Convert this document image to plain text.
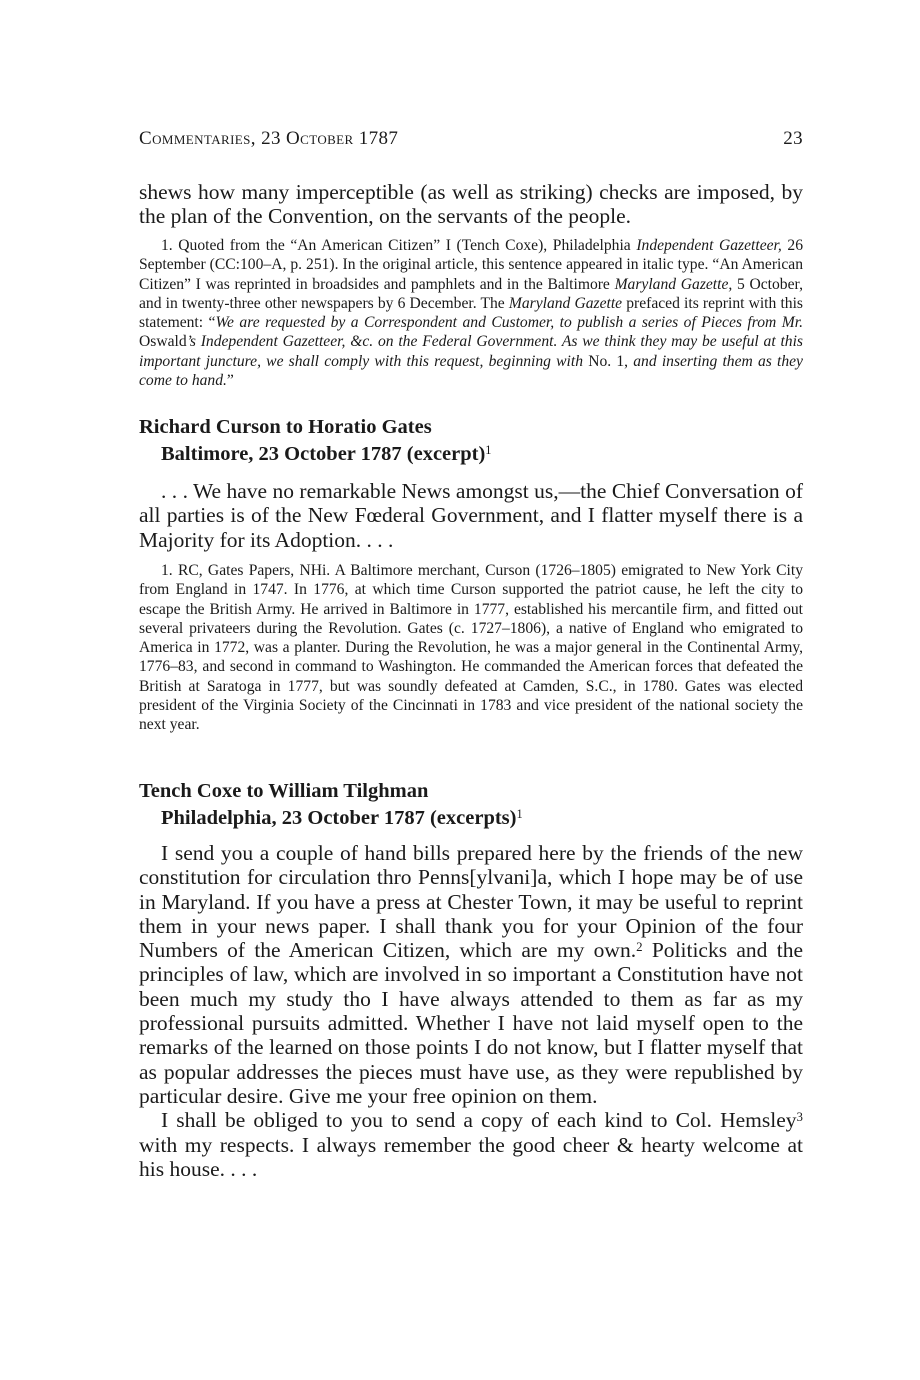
Commentaries, 23 October 1787	23

shews how many imperceptible (as well as striking) checks are imposed, by the plan of the Convention, on the servants of the people.

1. Quoted from the “An American Citizen” I (Tench Coxe), Philadelphia Independent Gazetteer, 26 September (CC:100–A, p. 251). In the original article, this sentence appeared in italic type. “An American Citizen” I was reprinted in broadsides and pamphlets and in the Baltimore Maryland Gazette, 5 October, and in twenty-three other newspapers by 6 December. The Maryland Gazette prefaced its reprint with this statement: “We are requested by a Correspondent and Customer, to publish a series of Pieces from Mr. Oswald’s Independent Gazetteer, &c. on the Federal Government. As we think they may be useful at this important juncture, we shall comply with this request, beginning with No. 1, and inserting them as they come to hand.”

Richard Curson to Horatio Gates
Baltimore, 23 October 1787 (excerpt)$^1$

. . . We have no remarkable News amongst us,—the Chief Conversation of all parties is of the New Fœderal Government, and I flatter myself there is a Majority for its Adoption. . . .

1. RC, Gates Papers, NHi. A Baltimore merchant, Curson (1726–1805) emigrated to New York City from England in 1747. In 1776, at which time Curson supported the patriot cause, he left the city to escape the British Army. He arrived in Baltimore in 1777, established his mercantile firm, and fitted out several privateers during the Revolution. Gates (c. 1727–1806), a native of England who emigrated to America in 1772, was a planter. During the Revolution, he was a major general in the Continental Army, 1776–83, and second in command to Washington. He commanded the American forces that defeated the British at Saratoga in 1777, but was soundly defeated at Camden, S.C., in 1780. Gates was elected president of the Virginia Society of the Cincinnati in 1783 and vice president of the national society the next year.

Tench Coxe to William Tilghman
Philadelphia, 23 October 1787 (excerpts)$^1$

I send you a couple of hand bills prepared here by the friends of the new constitution for circulation thro Penns[ylvani]a, which I hope may be of use in Maryland. If you have a press at Chester Town, it may be useful to reprint them in your news paper. I shall thank you for your Opinion of the four Numbers of the American Citizen, which are my own.$^2$ Politicks and the principles of law, which are involved in so important a Constitution have not been much my study tho I have always attended to them as far as my professional pursuits admitted. Whether I have not laid myself open to the remarks of the learned on those points I do not know, but I flatter myself that as popular addresses the pieces must have use, as they were republished by particular desire. Give me your free opinion on them.

I shall be obliged to you to send a copy of each kind to Col. Hemsley$^3$ with my respects. I always remember the good cheer & hearty welcome at his house. . . .
